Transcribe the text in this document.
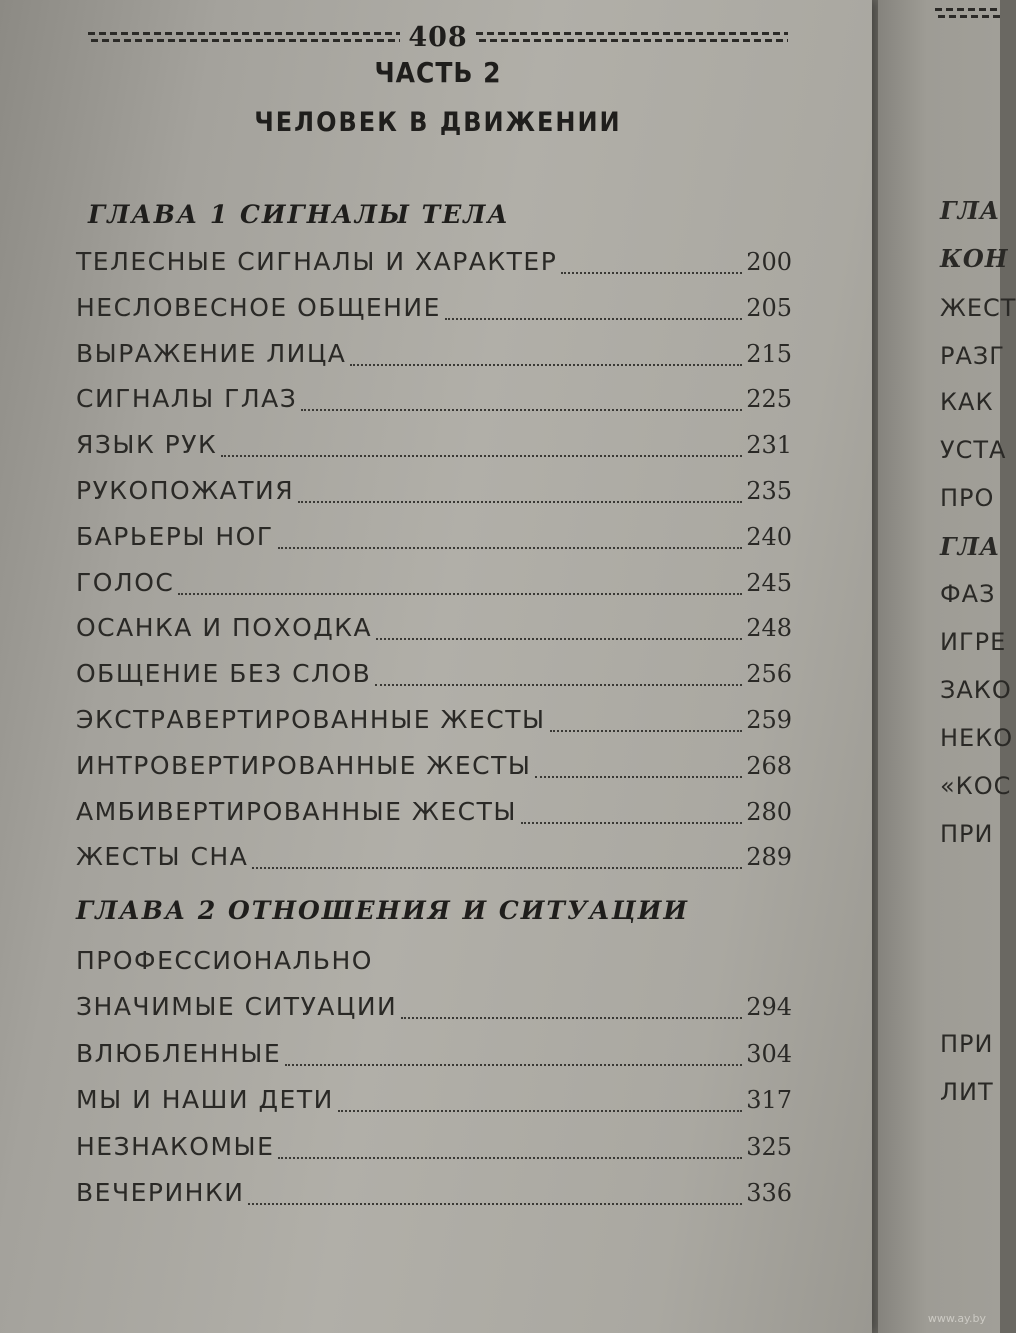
408
ЧАСТЬ 2
ЧЕЛОВЕК В ДВИЖЕНИИ
ГЛАВА 1 СИГНАЛЫ ТЕЛА
ТЕЛЕСНЫЕ СИГНАЛЫ И ХАРАКТЕР	200
НЕСЛОВЕСНОЕ ОБЩЕНИЕ	205
ВЫРАЖЕНИЕ ЛИЦА	215
СИГНАЛЫ ГЛАЗ	225
ЯЗЫК РУК	231
РУКОПОЖАТИЯ	235
БАРЬЕРЫ НОГ	240
ГОЛОС	245
ОСАНКА И ПОХОДКА	248
ОБЩЕНИЕ БЕЗ СЛОВ	256
ЭКСТРАВЕРТИРОВАННЫЕ ЖЕСТЫ	259
ИНТРОВЕРТИРОВАННЫЕ ЖЕСТЫ	268
АМБИВЕРТИРОВАННЫЕ ЖЕСТЫ	280
ЖЕСТЫ СНА	289
ГЛАВА 2 ОТНОШЕНИЯ И СИТУАЦИИ
ПРОФЕССИОНАЛЬНО
ЗНАЧИМЫЕ СИТУАЦИИ	294
ВЛЮБЛЕННЫЕ	304
МЫ И НАШИ ДЕТИ	317
НЕЗНАКОМЫЕ	325
ВЕЧЕРИНКИ	336
ГЛА
КОН
ЖЕСТ
РАЗГ
КАК
УСТА
ПРО
ГЛА
ФАЗ
ИГРЕ
ЗАКО
НЕКО
«КОС
ПРИ
ПРИ
ЛИТ
www.ay.by
